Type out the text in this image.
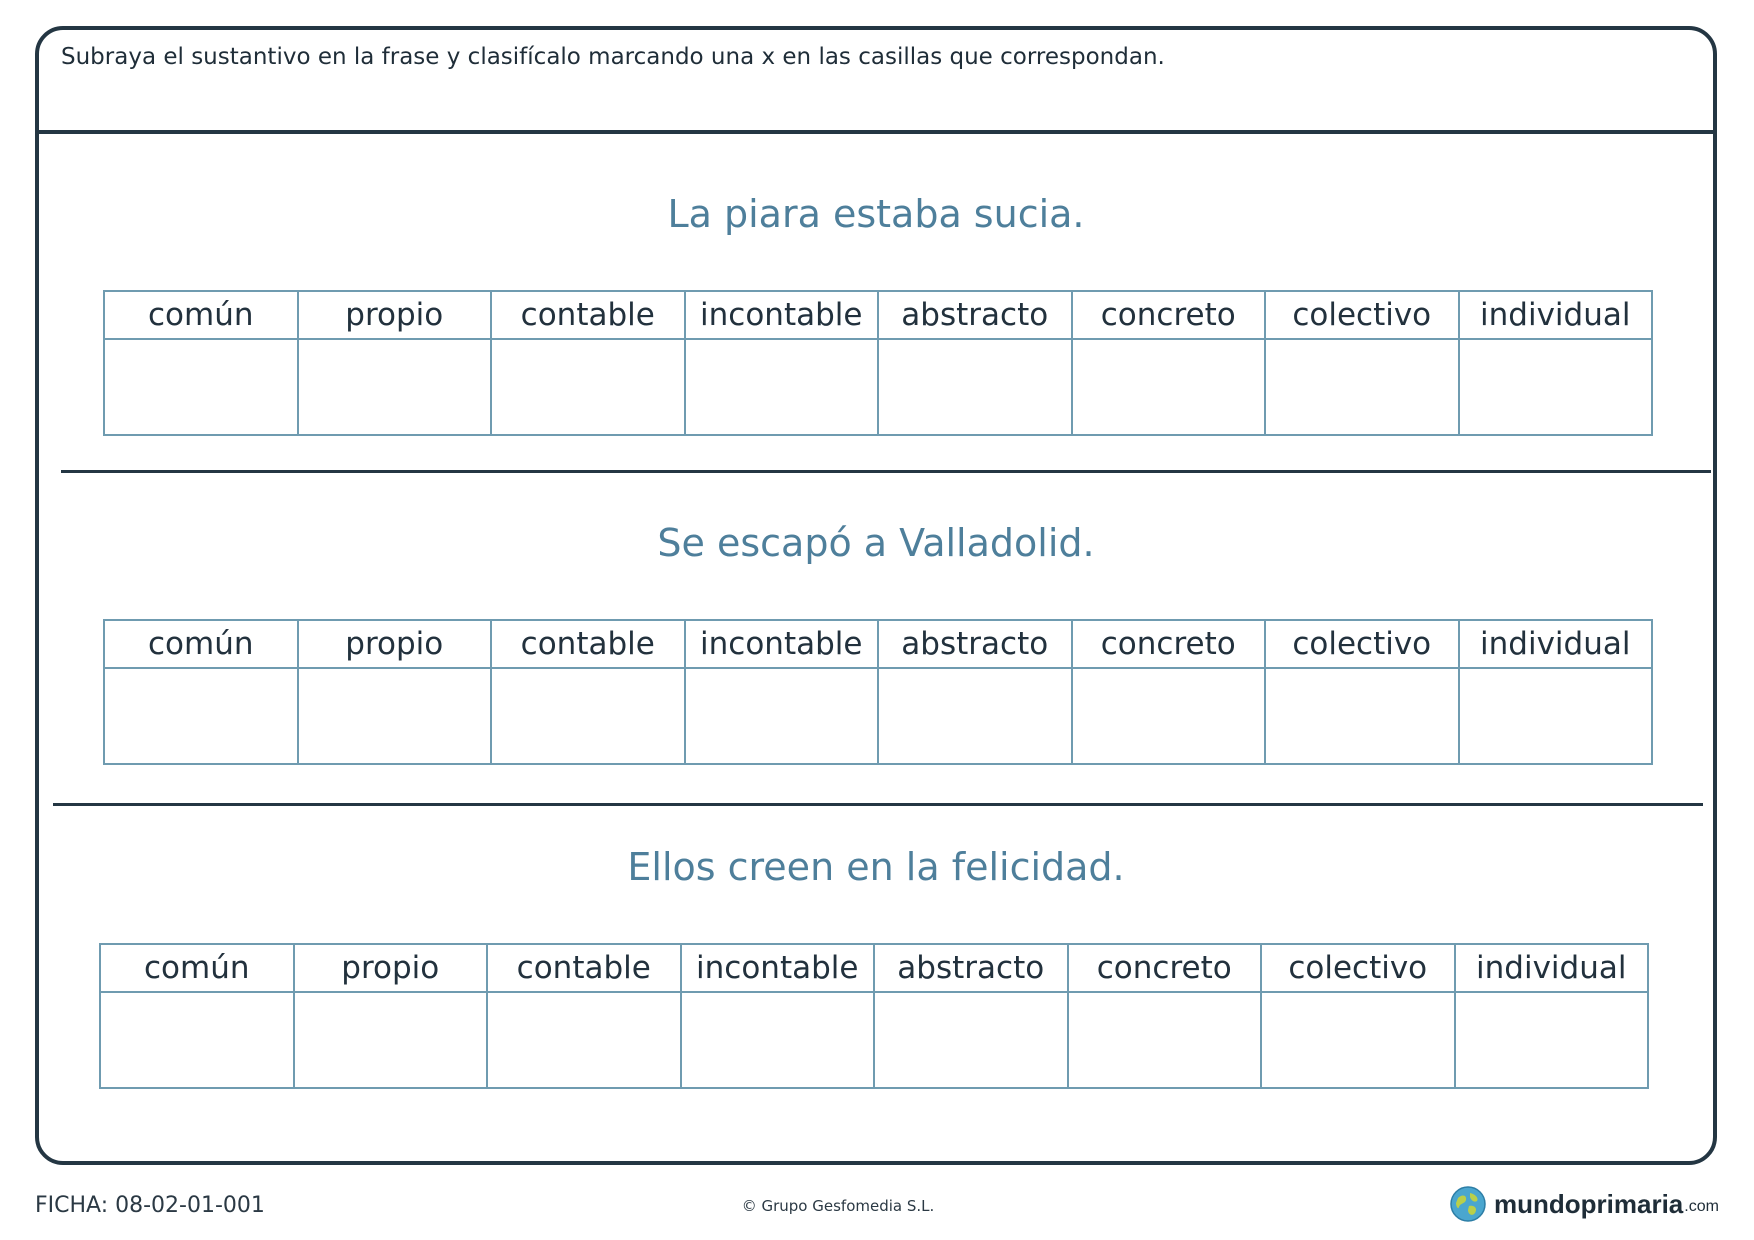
Subraya el sustantivo en la frase y clasifícalo marcando una x en las casillas que correspondan.
La piara estaba sucia.
común	propio	contable	incontable	abstracto	concreto	colectivo	individual

Se escapó a Valladolid.
común	propio	contable	incontable	abstracto	concreto	colectivo	individual

Ellos creen en la felicidad.
común	propio	contable	incontable	abstracto	concreto	colectivo	individual

FICHA: 08-02-01-001	© Grupo Gesfomedia S.L.	mundoprimaria .com
